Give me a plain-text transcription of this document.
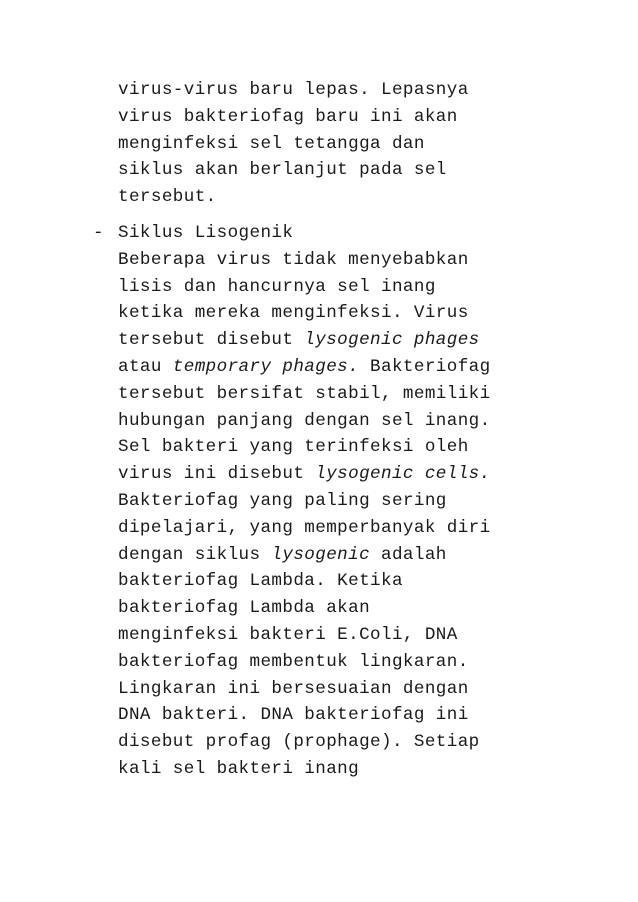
virus-virus baru lepas. Lepasnya
virus bakteriofag baru ini akan
menginfeksi sel tetangga dan
siklus akan berlanjut pada sel
tersebut.
- Siklus Lisogenik
Beberapa virus tidak menyebabkan
lisis dan hancurnya sel inang
ketika mereka menginfeksi. Virus
tersebut disebut lysogenic phages
atau temporary phages. Bakteriofag
tersebut bersifat stabil, memiliki
hubungan panjang dengan sel inang.
Sel bakteri yang terinfeksi oleh
virus ini disebut lysogenic cells.
Bakteriofag yang paling sering
dipelajari, yang memperbanyak diri
dengan siklus lysogenic adalah
bakteriofag Lambda. Ketika
bakteriofag Lambda akan
menginfeksi bakteri E.Coli, DNA
bakteriofag membentuk lingkaran.
Lingkaran ini bersesuaian dengan
DNA bakteri. DNA bakteriofag ini
disebut profag (prophage). Setiap
kali sel bakteri inang
